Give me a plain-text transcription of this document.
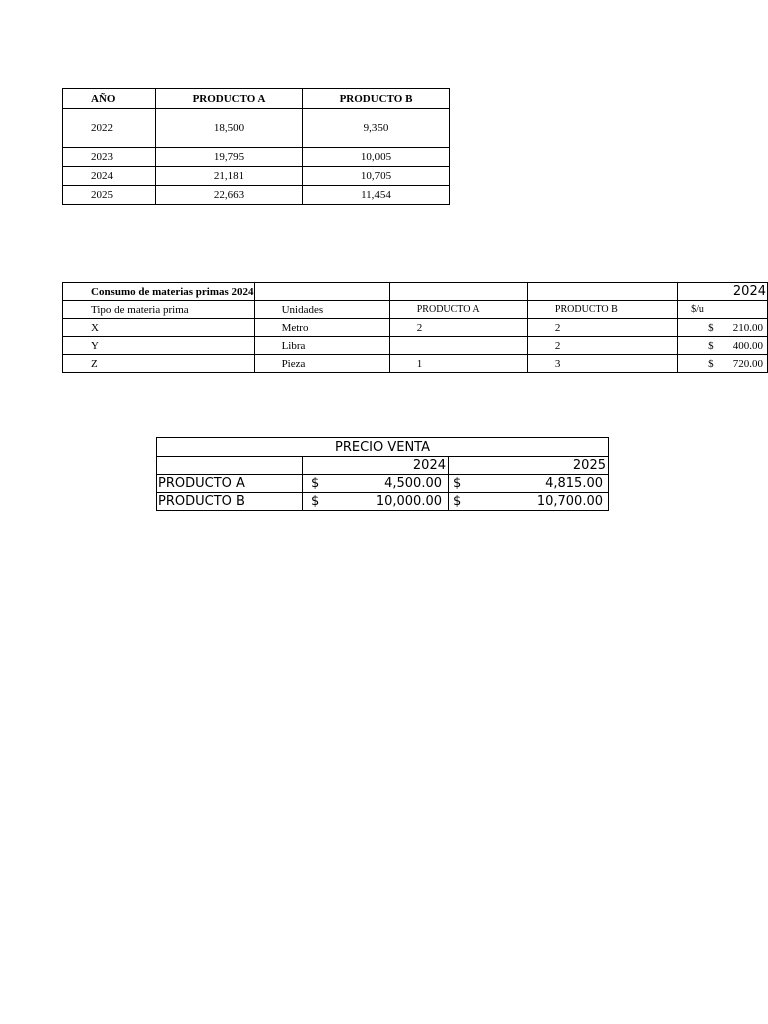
AÑO	PRODUCTO A	PRODUCTO B
2022	18,500	9,350
2023	19,795	10,005
2024	21,181	10,705
2025	22,663	11,454
Consumo de materias primas 2024				2024

Tipo de materia prima	Unidades	PRODUCTO A	PRODUCTO B	$/u
X	Metro	2	2	$ 210.00

Y	Libra		2	$ 400.00

Z	Pieza	1	3	$ 720.00
PRECIO VENTA		
	2024	2025
PRODUCTO A	$ 4,500.00	$ 4,815.00

PRODUCTO B	$ 10,000.00	$ 10,700.00
